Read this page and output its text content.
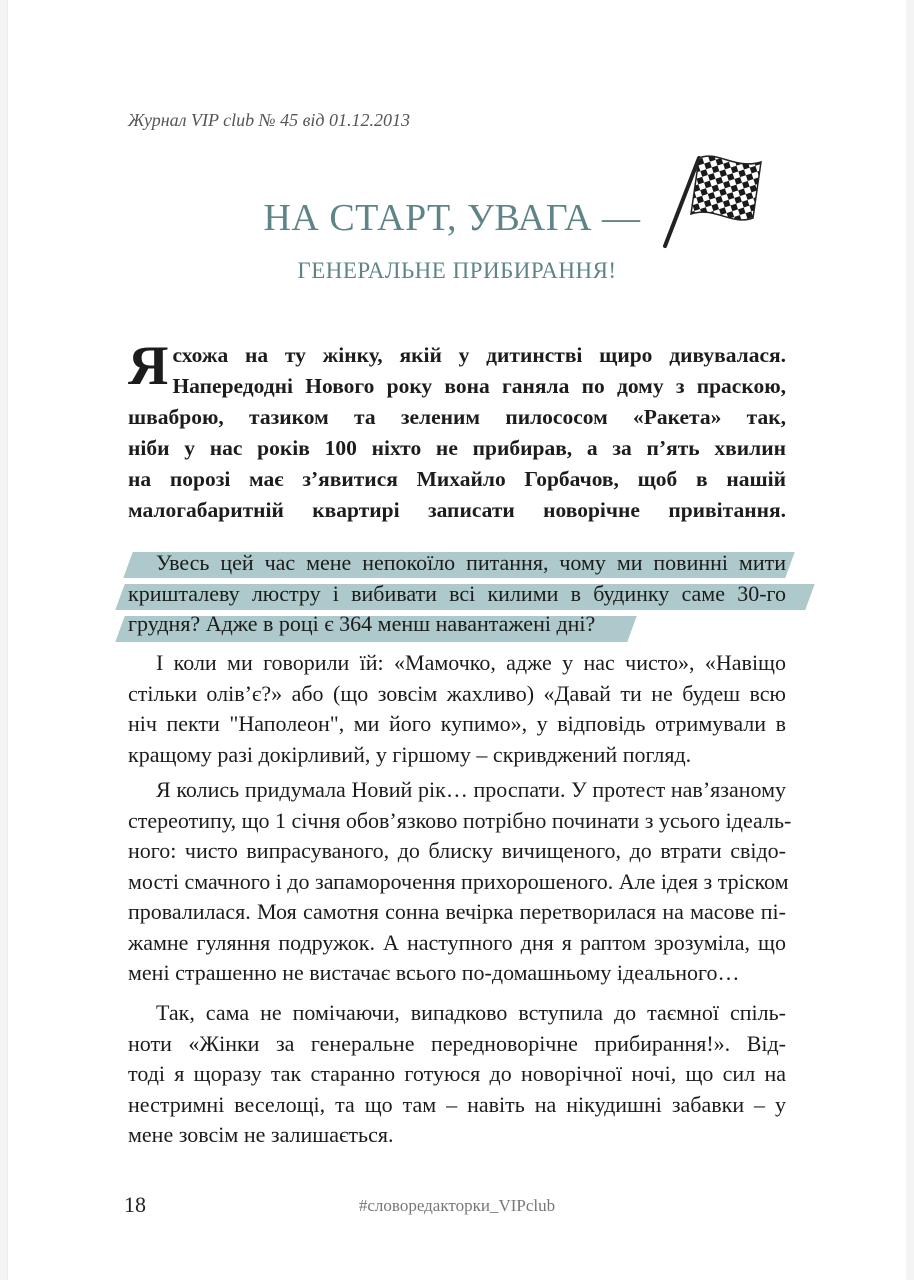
Журнал VIP club № 45 від 01.12.2013
НА СТАРТ, УВАГА —
ГЕНЕРАЛЬНЕ ПРИБИРАННЯ!
Я схожа на ту жінку, якій у дитинстві щиро дивувалася.
Напередодні Нового року вона ганяла по дому з праскою,
шваброю, тазиком та зеленим пилососом «Ракета» так,
ніби у нас років 100 ніхто не прибирав, а за п’ять хвилин
на порозі має з’явитися Михайло Горбачов, щоб в нашій
малогабаритній квартирі записати новорічне привітання.
Увесь цей час мене непокоїло питання, чому ми повинні мити
кришталеву люстру і вибивати всі килими в будинку саме 30-го
грудня? Адже в році є 364 менш навантажені дні?
І коли ми говорили їй: «Мамочко, адже у нас чисто», «Навіщо
стільки олів’є?» або (що зовсім жахливо) «Давай ти не будеш всю
ніч пекти "Наполеон", ми його купимо», у відповідь отримували в
кращому разі докірливий, у гіршому – скривджений погляд.
Я колись придумала Новий рік… проспати. У протест нав’язаному
стереотипу, що 1 січня обов’язково потрібно починати з усього ідеаль-
ного: чисто випрасуваного, до блиску вичищеного, до втрати свідо-
мості смачного і до запаморочення прихорошеного. Але ідея з тріском
провалилася. Моя самотня сонна вечірка перетворилася на масове пі-
жамне гуляння подружок. А наступного дня я раптом зрозуміла, що
мені страшенно не вистачає всього по-домашньому ідеального…
Так, сама не помічаючи, випадково вступила до таємної спіль-
ноти «Жінки за генеральне передноворічне прибирання!». Від-
тоді я щоразу так старанно готуюся до новорічної ночі, що сил на
нестримні веселощі, та що там – навіть на нікудишні забавки – у
мене зовсім не залишається.
18	#словоредакторки_VIPclub
